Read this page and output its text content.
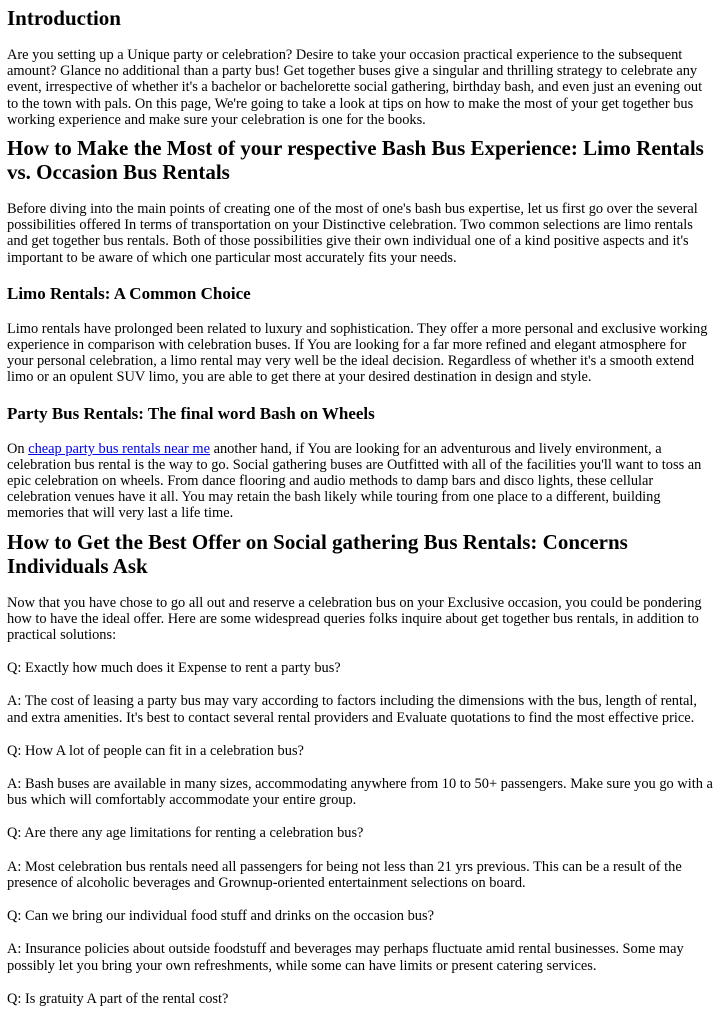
Introduction

Are you setting up a Unique party or celebration? Desire to take your occasion practical experience to the subsequent amount? Glance no additional than a party bus! Get together buses give a singular and thrilling strategy to celebrate any event, irrespective of whether it's a bachelor or bachelorette social gathering, birthday bash, and even just an evening out to the town with pals. On this page, We're going to take a look at tips on how to make the most of your get together bus working experience and make sure your celebration is one for the books.

How to Make the Most of your respective Bash Bus Experience: Limo Rentals vs. Occasion Bus Rentals

Before diving into the main points of creating one of the most of one's bash bus expertise, let us first go over the several possibilities offered In terms of transportation on your Distinctive celebration. Two common selections are limo rentals and get together bus rentals. Both of those possibilities give their own individual one of a kind positive aspects and it's important to be aware of which one particular most accurately fits your needs.

Limo Rentals: A Common Choice

Limo rentals have prolonged been related to luxury and sophistication. They offer a more personal and exclusive working experience in comparison with celebration buses. If You are looking for a far more refined and elegant atmosphere for your personal celebration, a limo rental may very well be the ideal decision. Regardless of whether it's a smooth extend limo or an opulent SUV limo, you are able to get there at your desired destination in design and style.

Party Bus Rentals: The final word Bash on Wheels

On cheap party bus rentals near me another hand, if You are looking for an adventurous and lively environment, a celebration bus rental is the way to go. Social gathering buses are Outfitted with all of the facilities you'll want to toss an epic celebration on wheels. From dance flooring and audio methods to damp bars and disco lights, these cellular celebration venues have it all. You may retain the bash likely while touring from one place to a different, building memories that will very last a life time.

How to Get the Best Offer on Social gathering Bus Rentals: Concerns Individuals Ask

Now that you have chose to go all out and reserve a celebration bus on your Exclusive occasion, you could be pondering how to have the ideal offer. Here are some widespread queries folks inquire about get together bus rentals, in addition to practical solutions:

Q: Exactly how much does it Expense to rent a party bus?

A: The cost of leasing a party bus may vary according to factors including the dimensions with the bus, length of rental, and extra amenities. It's best to contact several rental providers and Evaluate quotations to find the most effective price.

Q: How A lot of people can fit in a celebration bus?

A: Bash buses are available in many sizes, accommodating anywhere from 10 to 50+ passengers. Make sure you go with a bus which will comfortably accommodate your entire group.

Q: Are there any age limitations for renting a celebration bus?

A: Most celebration bus rentals need all passengers for being not less than 21 yrs previous. This can be a result of the presence of alcoholic beverages and Grownup-oriented entertainment selections on board.

Q: Can we bring our individual food stuff and drinks on the occasion bus?

A: Insurance policies about outside foodstuff and beverages may perhaps fluctuate amid rental businesses. Some may possibly let you bring your own refreshments, while some can have limits or present catering services.

Q: Is gratuity A part of the rental cost?
